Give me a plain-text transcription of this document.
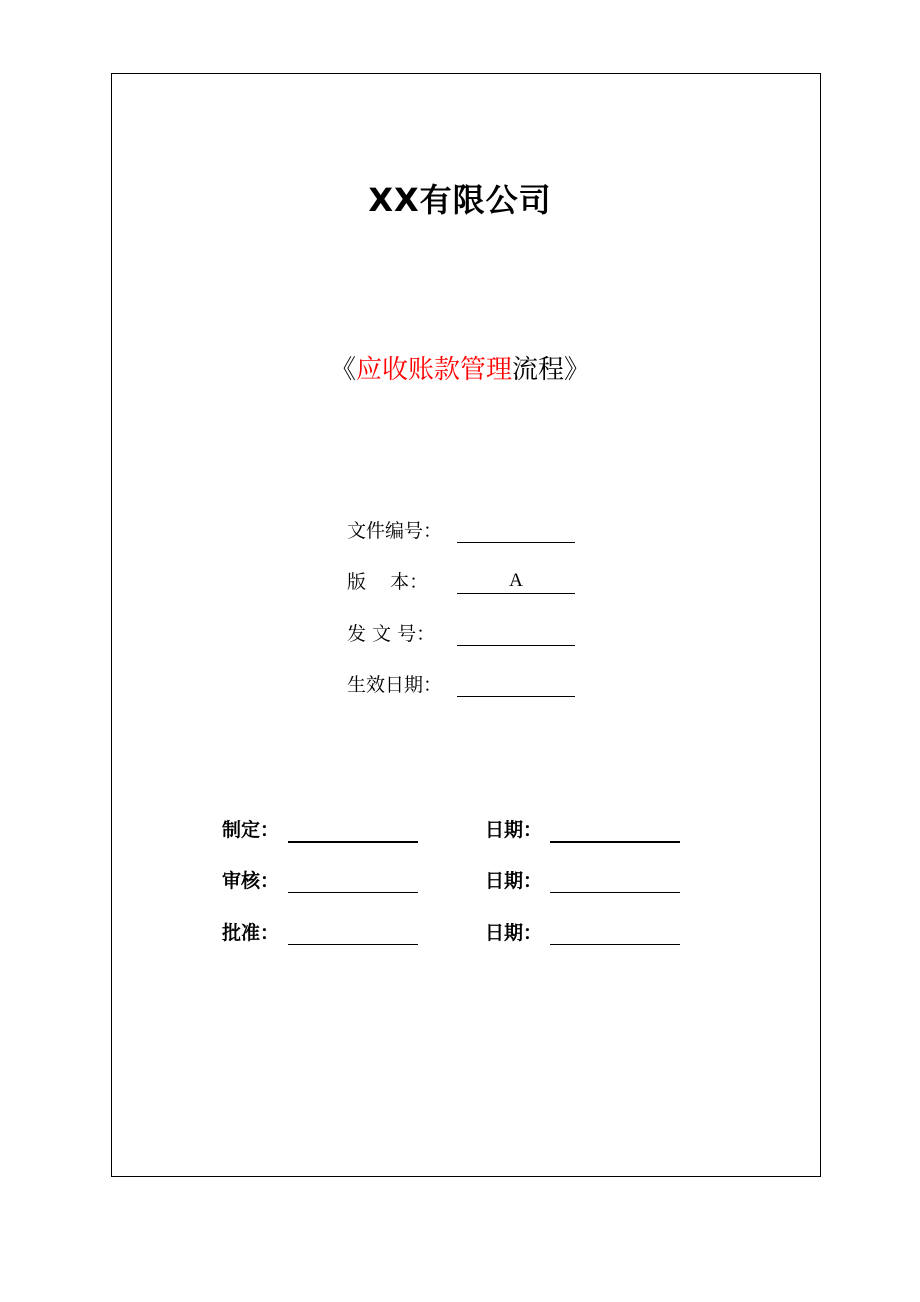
XX有限公司
《应收账款管理流程》
文件编号：
版    本：	A
发 文 号：
生效日期：
制定：	日期：
审核：	日期：
批准：	日期：
